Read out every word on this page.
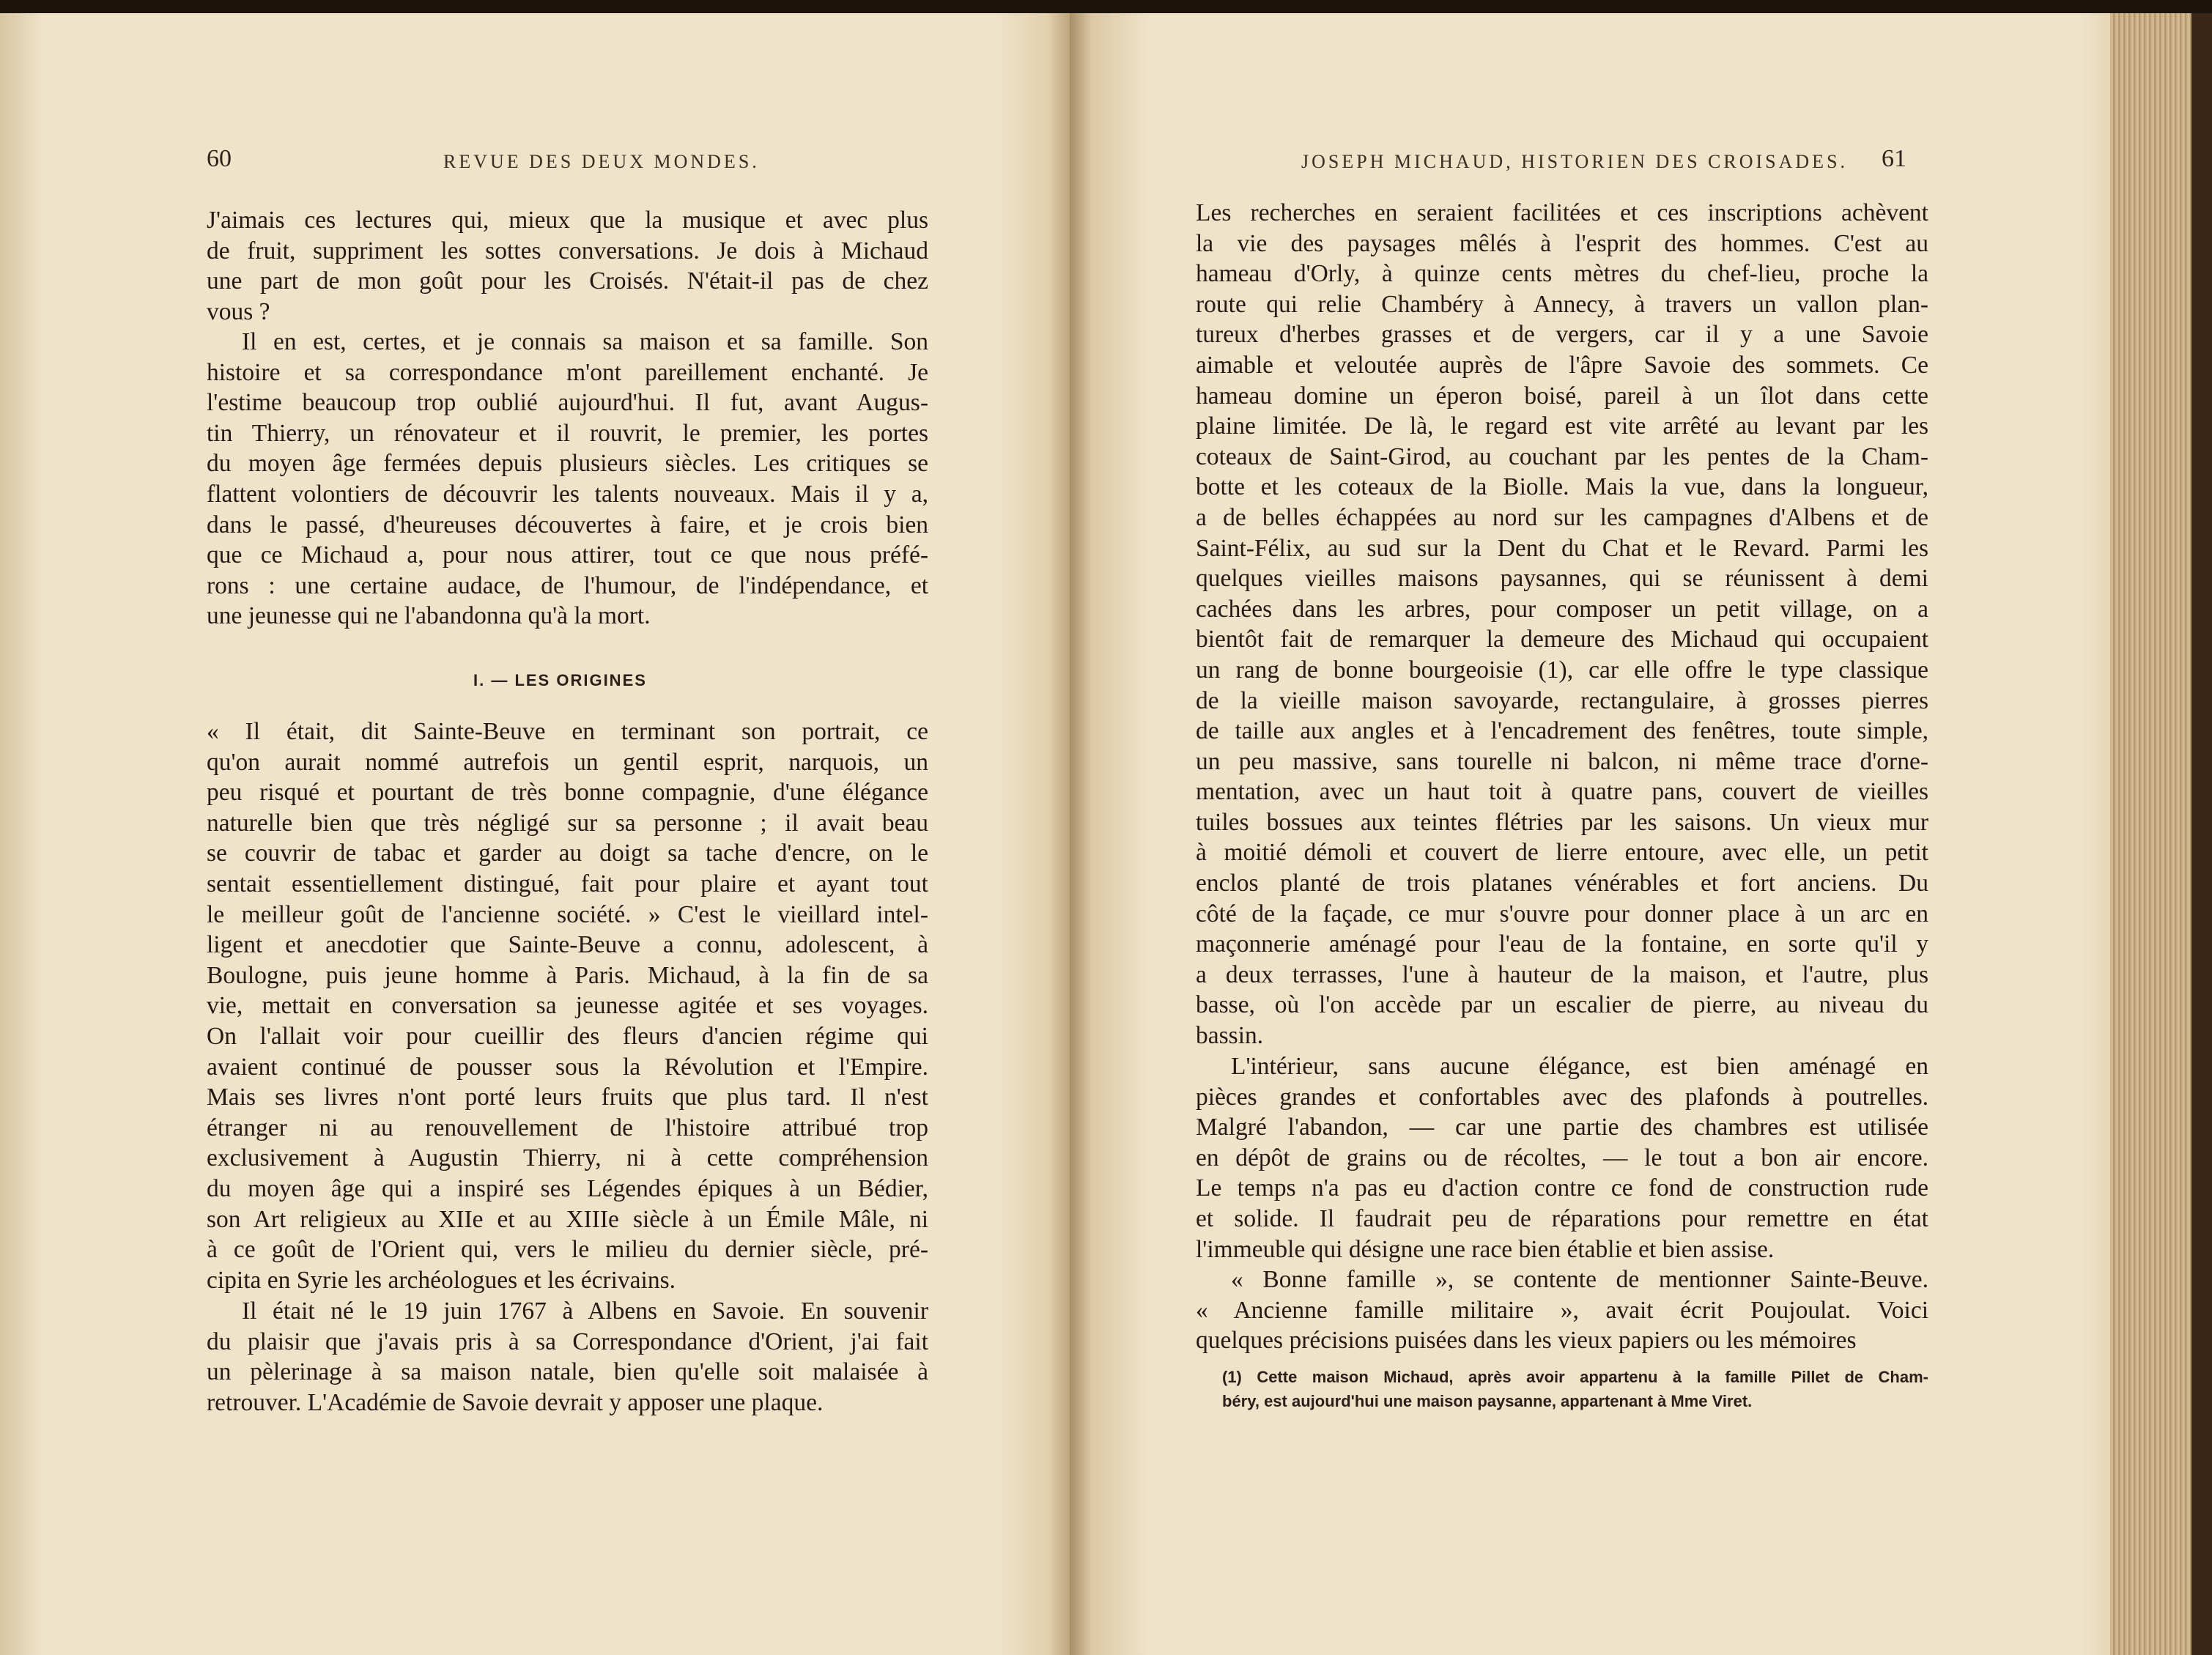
60	REVUE DES DEUX MONDES.
J'aimais ces lectures qui, mieux que la musique et avec plus
de fruit, suppriment les sottes conversations. Je dois à Michaud
une part de mon goût pour les Croisés. N'était-il pas de chez
vous ?
Il en est, certes, et je connais sa maison et sa famille. Son
histoire et sa correspondance m'ont pareillement enchanté. Je
l'estime beaucoup trop oublié aujourd'hui. Il fut, avant Augus-
tin Thierry, un rénovateur et il rouvrit, le premier, les portes
du moyen âge fermées depuis plusieurs siècles. Les critiques se
flattent volontiers de découvrir les talents nouveaux. Mais il y a,
dans le passé, d'heureuses découvertes à faire, et je crois bien
que ce Michaud a, pour nous attirer, tout ce que nous préfé-
rons : une certaine audace, de l'humour, de l'indépendance, et
une jeunesse qui ne l'abandonna qu'à la mort.
I. — LES ORIGINES
« Il était, dit Sainte-Beuve en terminant son portrait, ce
qu'on aurait nommé autrefois un gentil esprit, narquois, un
peu risqué et pourtant de très bonne compagnie, d'une élégance
naturelle bien que très négligé sur sa personne ; il avait beau
se couvrir de tabac et garder au doigt sa tache d'encre, on le
sentait essentiellement distingué, fait pour plaire et ayant tout
le meilleur goût de l'ancienne société. » C'est le vieillard intel-
ligent et anecdotier que Sainte-Beuve a connu, adolescent, à
Boulogne, puis jeune homme à Paris. Michaud, à la fin de sa
vie, mettait en conversation sa jeunesse agitée et ses voyages.
On l'allait voir pour cueillir des fleurs d'ancien régime qui
avaient continué de pousser sous la Révolution et l'Empire.
Mais ses livres n'ont porté leurs fruits que plus tard. Il n'est
étranger ni au renouvellement de l'histoire attribué trop
exclusivement à Augustin Thierry, ni à cette compréhension
du moyen âge qui a inspiré ses Légendes épiques à un Bédier,
son Art religieux au XIIe et au XIIIe siècle à un Émile Mâle, ni
à ce goût de l'Orient qui, vers le milieu du dernier siècle, pré-
cipita en Syrie les archéologues et les écrivains.
Il était né le 19 juin 1767 à Albens en Savoie. En souvenir
du plaisir que j'avais pris à sa Correspondance d'Orient, j'ai fait
un pèlerinage à sa maison natale, bien qu'elle soit malaisée à
retrouver. L'Académie de Savoie devrait y apposer une plaque.
JOSEPH MICHAUD, HISTORIEN DES CROISADES. 61
Les recherches en seraient facilitées et ces inscriptions achèvent
la vie des paysages mêlés à l'esprit des hommes. C'est au
hameau d'Orly, à quinze cents mètres du chef-lieu, proche la
route qui relie Chambéry à Annecy, à travers un vallon plan-
tureux d'herbes grasses et de vergers, car il y a une Savoie
aimable et veloutée auprès de l'âpre Savoie des sommets. Ce
hameau domine un éperon boisé, pareil à un îlot dans cette
plaine limitée. De là, le regard est vite arrêté au levant par les
coteaux de Saint-Girod, au couchant par les pentes de la Cham-
botte et les coteaux de la Biolle. Mais la vue, dans la longueur,
a de belles échappées au nord sur les campagnes d'Albens et de
Saint-Félix, au sud sur la Dent du Chat et le Revard. Parmi les
quelques vieilles maisons paysannes, qui se réunissent à demi
cachées dans les arbres, pour composer un petit village, on a
bientôt fait de remarquer la demeure des Michaud qui occupaient
un rang de bonne bourgeoisie (1), car elle offre le type classique
de la vieille maison savoyarde, rectangulaire, à grosses pierres
de taille aux angles et à l'encadrement des fenêtres, toute simple,
un peu massive, sans tourelle ni balcon, ni même trace d'orne-
mentation, avec un haut toit à quatre pans, couvert de vieilles
tuiles bossues aux teintes flétries par les saisons. Un vieux mur
à moitié démoli et couvert de lierre entoure, avec elle, un petit
enclos planté de trois platanes vénérables et fort anciens. Du
côté de la façade, ce mur s'ouvre pour donner place à un arc en
maçonnerie aménagé pour l'eau de la fontaine, en sorte qu'il y
a deux terrasses, l'une à hauteur de la maison, et l'autre, plus
basse, où l'on accède par un escalier de pierre, au niveau du
bassin.
L'intérieur, sans aucune élégance, est bien aménagé en
pièces grandes et confortables avec des plafonds à poutrelles.
Malgré l'abandon, — car une partie des chambres est utilisée
en dépôt de grains ou de récoltes, — le tout a bon air encore.
Le temps n'a pas eu d'action contre ce fond de construction rude
et solide. Il faudrait peu de réparations pour remettre en état
l'immeuble qui désigne une race bien établie et bien assise.
« Bonne famille », se contente de mentionner Sainte-Beuve.
« Ancienne famille militaire », avait écrit Poujoulat. Voici
quelques précisions puisées dans les vieux papiers ou les mémoires
(1) Cette maison Michaud, après avoir appartenu à la famille Pillet de Cham-
béry, est aujourd'hui une maison paysanne, appartenant à Mme Viret.
